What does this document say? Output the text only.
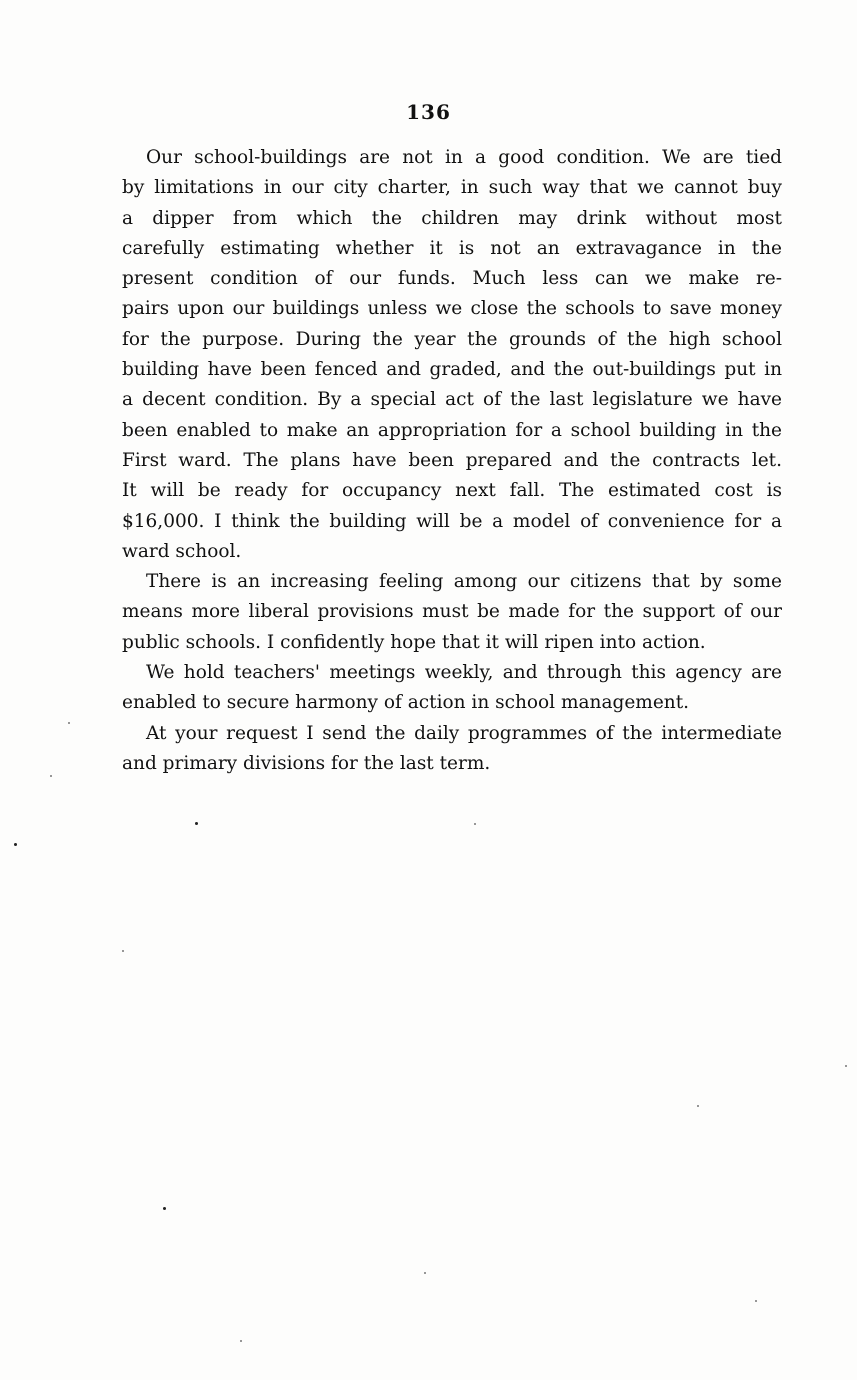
136
Our school-buildings are not in a good condition. We are tied
by limitations in our city charter, in such way that we cannot buy
a dipper from which the children may drink without most
carefully estimating whether it is not an extravagance in the
present condition of our funds. Much less can we make re-
pairs upon our buildings unless we close the schools to save money
for the purpose. During the year the grounds of the high school
building have been fenced and graded, and the out-buildings put in
a decent condition. By a special act of the last legislature we have
been enabled to make an appropriation for a school building in the
First ward. The plans have been prepared and the contracts let.
It will be ready for occupancy next fall. The estimated cost is
$16,000. I think the building will be a model of convenience for a
ward school.
There is an increasing feeling among our citizens that by some
means more liberal provisions must be made for the support of our
public schools. I confidently hope that it will ripen into action.
We hold teachers' meetings weekly, and through this agency are
enabled to secure harmony of action in school management.
At your request I send the daily programmes of the intermediate
and primary divisions for the last term.
